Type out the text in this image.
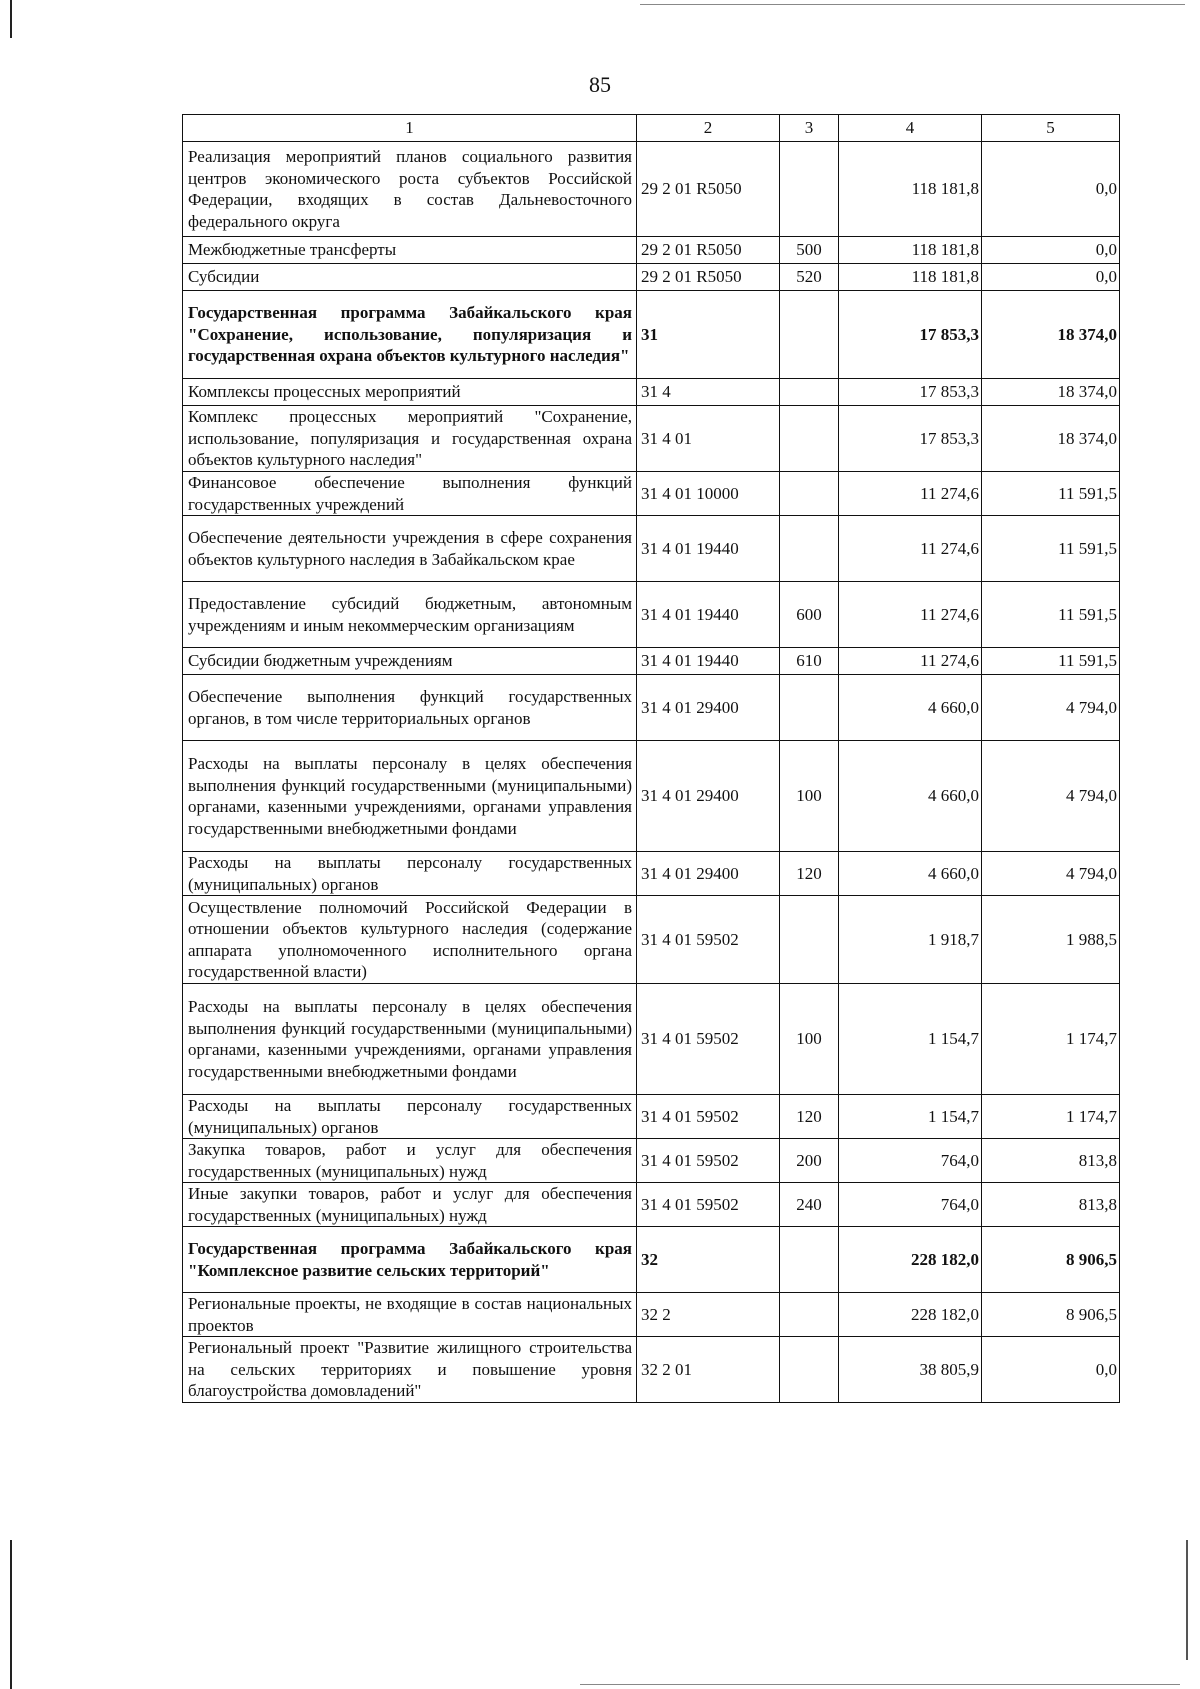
85
1	2	3	4	5
Реализация мероприятий планов социального развития центров экономического роста субъектов Российской Федерации, входящих в состав Дальневосточного федерального округа	29 2 01 R5050		118 181,8	0,0
Межбюджетные трансферты	29 2 01 R5050	500	118 181,8	0,0
Субсидии	29 2 01 R5050	520	118 181,8	0,0
Государственная программа Забайкальского края "Сохранение, использование, популяризация и государственная охрана объектов культурного наследия"	31		17 853,3	18 374,0
Комплексы процессных мероприятий	31 4		17 853,3	18 374,0
Комплекс процессных мероприятий "Сохранение, использование, популяризация и государственная охрана объектов культурного наследия"	31 4 01		17 853,3	18 374,0
Финансовое обеспечение выполнения функций государственных учреждений	31 4 01 10000		11 274,6	11 591,5
Обеспечение деятельности учреждения в сфере сохранения объектов культурного наследия в Забайкальском крае	31 4 01 19440		11 274,6	11 591,5
Предоставление субсидий бюджетным, автономным учреждениям и иным некоммерческим организациям	31 4 01 19440	600	11 274,6	11 591,5
Субсидии бюджетным учреждениям	31 4 01 19440	610	11 274,6	11 591,5
Обеспечение выполнения функций государственных органов, в том числе территориальных органов	31 4 01 29400		4 660,0	4 794,0
Расходы на выплаты персоналу в целях обеспечения выполнения функций государственными (муниципальными) органами, казенными учреждениями, органами управления государственными внебюджетными фондами	31 4 01 29400	100	4 660,0	4 794,0
Расходы на выплаты персоналу государственных (муниципальных) органов	31 4 01 29400	120	4 660,0	4 794,0
Осуществление полномочий Российской Федерации в отношении объектов культурного наследия (содержание аппарата уполномоченного исполнительного органа государственной власти)	31 4 01 59502		1 918,7	1 988,5
Расходы на выплаты персоналу в целях обеспечения выполнения функций государственными (муниципальными) органами, казенными учреждениями, органами управления государственными внебюджетными фондами	31 4 01 59502	100	1 154,7	1 174,7
Расходы на выплаты персоналу государственных (муниципальных) органов	31 4 01 59502	120	1 154,7	1 174,7
Закупка товаров, работ и услуг для обеспечения государственных (муниципальных) нужд	31 4 01 59502	200	764,0	813,8
Иные закупки товаров, работ и услуг для обеспечения государственных (муниципальных) нужд	31 4 01 59502	240	764,0	813,8
Государственная программа Забайкальского края "Комплексное развитие сельских территорий"	32		228 182,0	8 906,5
Региональные проекты, не входящие в состав национальных проектов	32 2		228 182,0	8 906,5
Региональный проект "Развитие жилищного строительства на сельских территориях и повышение уровня благоустройства домовладений"	32 2 01		38 805,9	0,0
